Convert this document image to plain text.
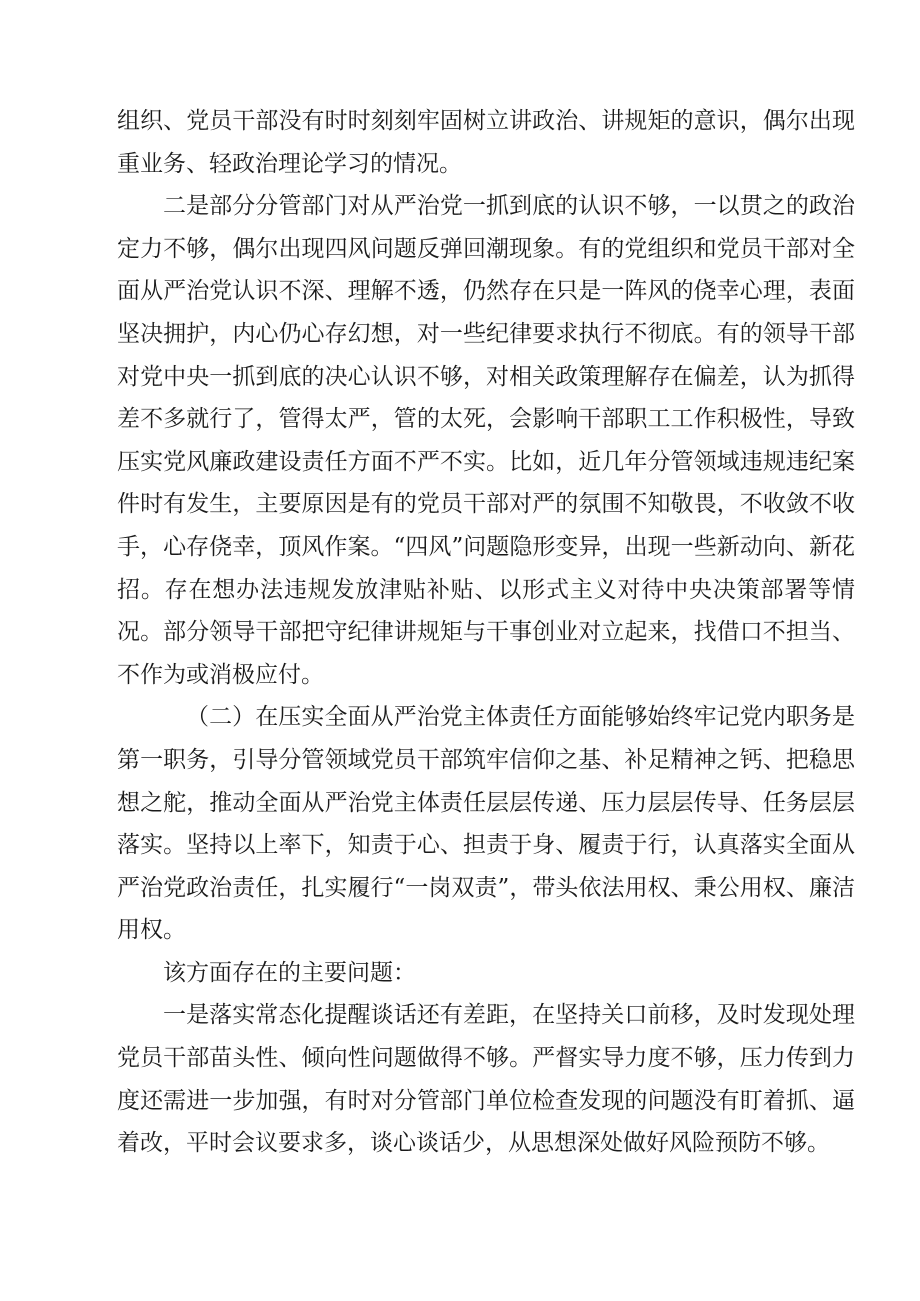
组织、党员干部没有时时刻刻牢固树立讲政治、讲规矩的意识，偶尔出现重业务、轻政治理论学习的情况。

二是部分分管部门对从严治党一抓到底的认识不够，一以贯之的政治定力不够，偶尔出现四风问题反弹回潮现象。有的党组织和党员干部对全面从严治党认识不深、理解不透，仍然存在只是一阵风的侥幸心理，表面坚决拥护，内心仍心存幻想，对一些纪律要求执行不彻底。有的领导干部对党中央一抓到底的决心认识不够，对相关政策理解存在偏差，认为抓得差不多就行了，管得太严，管的太死，会影响干部职工工作积极性，导致压实党风廉政建设责任方面不严不实。比如，近几年分管领域违规违纪案件时有发生，主要原因是有的党员干部对严的氛围不知敬畏，不收敛不收手，心存侥幸，顶风作案。“四风”问题隐形变异，出现一些新动向、新花招。存在想办法违规发放津贴补贴、以形式主义对待中央决策部署等情况。部分领导干部把守纪律讲规矩与干事创业对立起来，找借口不担当、不作为或消极应付。

（二）在压实全面从严治党主体责任方面能够始终牢记党内职务是第一职务，引导分管领域党员干部筑牢信仰之基、补足精神之钙、把稳思想之舵，推动全面从严治党主体责任层层传递、压力层层传导、任务层层落实。坚持以上率下，知责于心、担责于身、履责于行，认真落实全面从严治党政治责任，扎实履行“一岗双责”，带头依法用权、秉公用权、廉洁用权。

该方面存在的主要问题：

一是落实常态化提醒谈话还有差距，在坚持关口前移，及时发现处理党员干部苗头性、倾向性问题做得不够。严督实导力度不够，压力传到力度还需进一步加强，有时对分管部门单位检查发现的问题没有盯着抓、逼着改，平时会议要求多，谈心谈话少，从思想深处做好风险预防不够。
